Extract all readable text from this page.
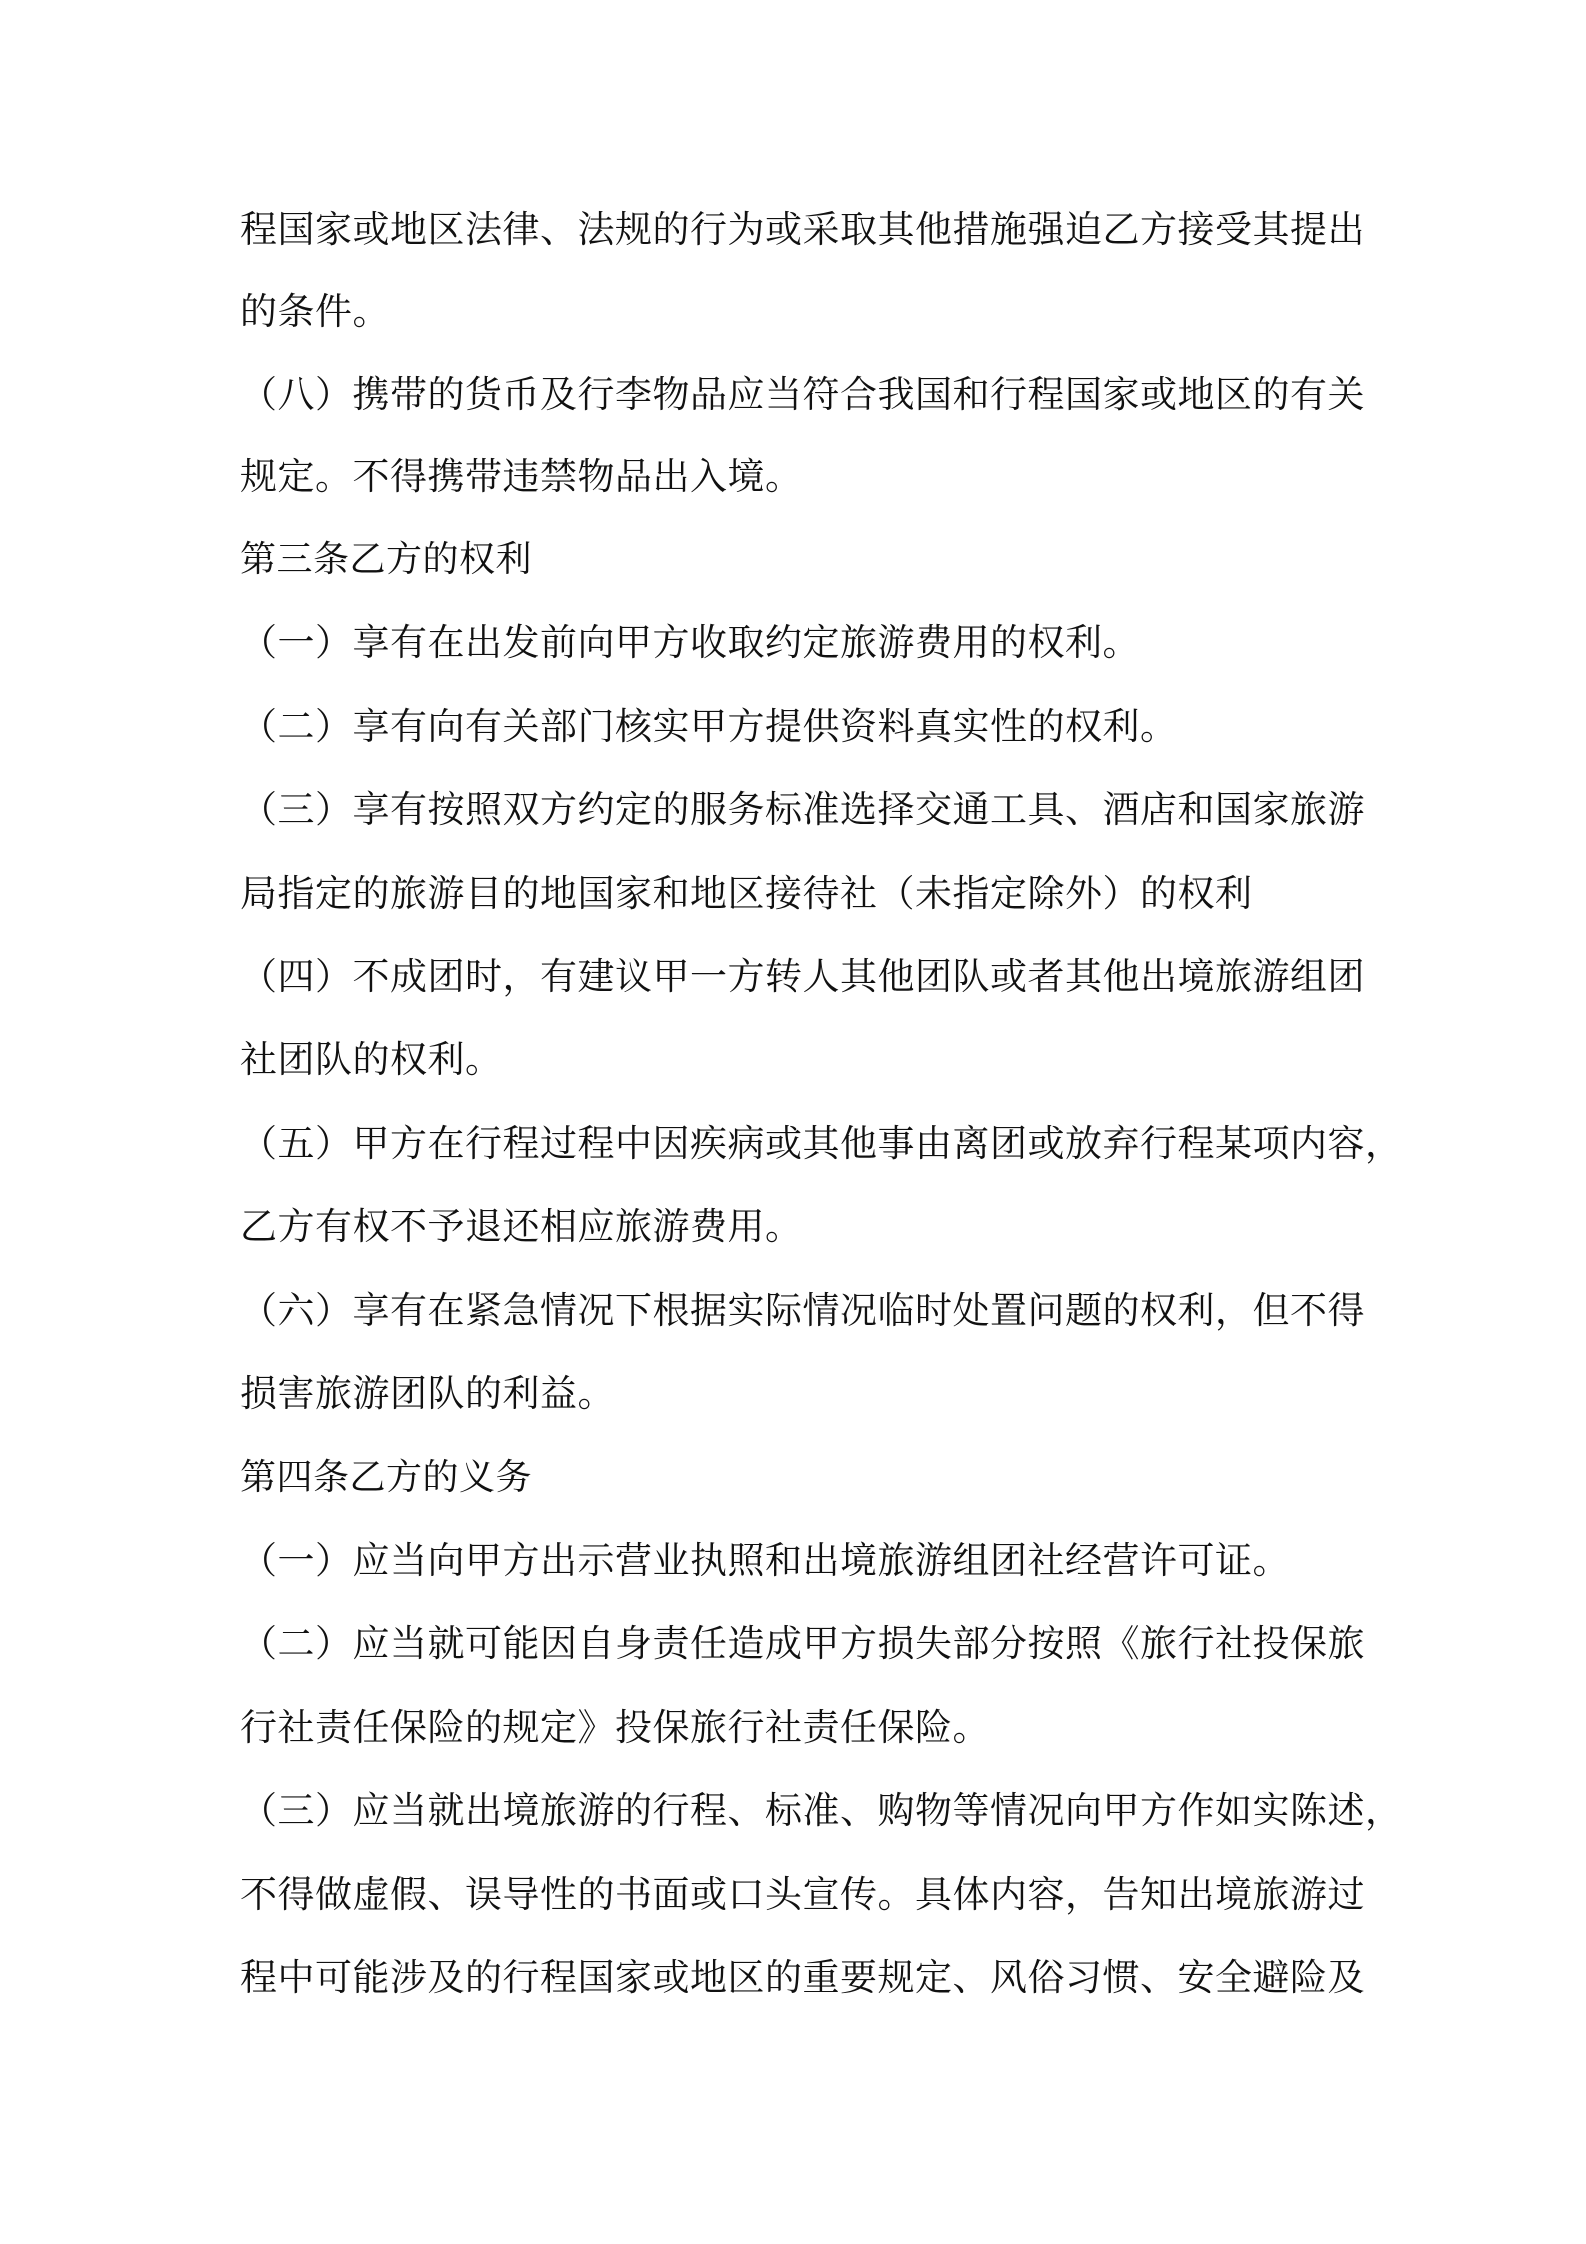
程国家或地区法律、法规的行为或采取其他措施强迫乙方接受其提出
的条件。
（八）携带的货币及行李物品应当符合我国和行程国家或地区的有关
规定。不得携带违禁物品出入境。
第三条乙方的权利
（一）享有在出发前向甲方收取约定旅游费用的权利。
（二）享有向有关部门核实甲方提供资料真实性的权利。
（三）享有按照双方约定的服务标准选择交通工具、酒店和国家旅游
局指定的旅游目的地国家和地区接待社（未指定除外）的权利
（四）不成团时，有建议甲一方转人其他团队或者其他出境旅游组团
社团队的权利。
（五）甲方在行程过程中因疾病或其他事由离团或放弃行程某项内容，
乙方有权不予退还相应旅游费用。
（六）享有在紧急情况下根据实际情况临时处置问题的权利，但不得
损害旅游团队的利益。
第四条乙方的义务
（一）应当向甲方出示营业执照和出境旅游组团社经营许可证。
（二）应当就可能因自身责任造成甲方损失部分按照《旅行社投保旅
行社责任保险的规定》投保旅行社责任保险。
（三）应当就出境旅游的行程、标准、购物等情况向甲方作如实陈述，
不得做虚假、误导性的书面或口头宣传。具体内容，告知出境旅游过
程中可能涉及的行程国家或地区的重要规定、风俗习惯、安全避险及
